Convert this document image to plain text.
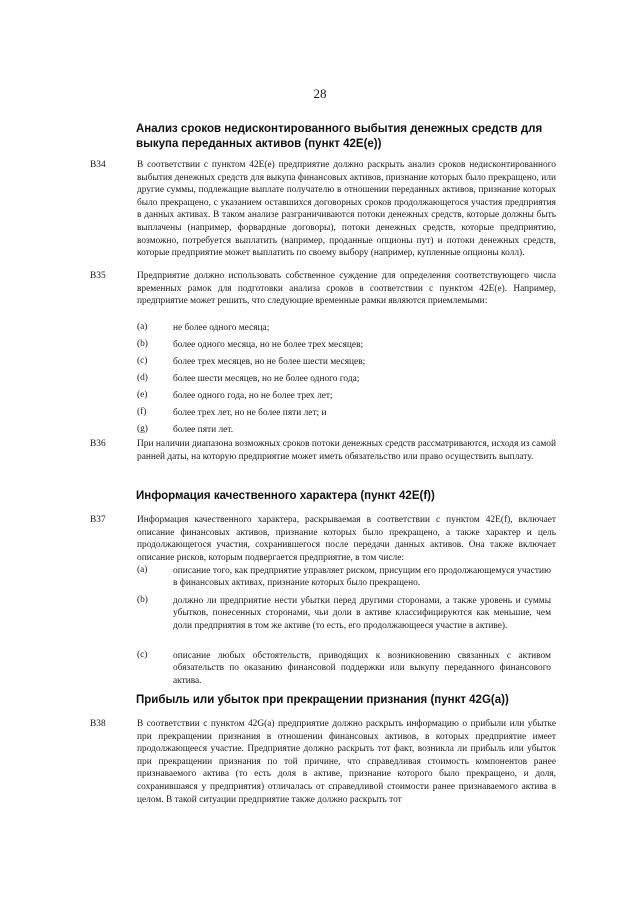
28
Анализ сроков недисконтированного выбытия денежных средств для выкупа переданных активов (пункт 42E(e))
B34	В соответствии с пунктом 42E(e) предприятие должно раскрыть анализ сроков недисконтированного выбытия денежных средств для выкупа финансовых активов, признание которых было прекращено, или другие суммы, подлежащие выплате получателю в отношении переданных активов, признание которых было прекращено, с указанием оставшихся договорных сроков продолжающегося участия предприятия в данных активах. В таком анализе разграничиваются потоки денежных средств, которые должны быть выплачены (например, форвардные договоры), потоки денежных средств, которые предприятию, возможно, потребуется выплатить (например, проданные опционы пут) и потоки денежных средств, которые предприятие может выплатить по своему выбору (например, купленные опционы колл).
B35	Предприятие должно использовать собственное суждение для определения соответствующего числа временных рамок для подготовки анализа сроков в соответствии с пунктом 42E(e). Например, предприятие может решить, что следующие временные рамки являются приемлемыми:
(a)	не более одного месяца;
(b)	более одного месяца, но не более трех месяцев;
(c)	более трех месяцев, но не более шести месяцев;
(d)	более шести месяцев, но не более одного года;
(e)	более одного года, но не более трех лет;
(f)	более трех лет, но не более пяти лет; и
(g)	более пяти лет.
B36	При наличии диапазона возможных сроков потоки денежных средств рассматриваются, исходя из самой ранней даты, на которую предприятие может иметь обязательство или право осуществить выплату.
Информация качественного характера (пункт 42E(f))
B37	Информация качественного характера, раскрываемая в соответствии с пунктом 42E(f), включает описание финансовых активов, признание которых было прекращено, а также характер и цель продолжающегося участия, сохранившегося после передачи данных активов. Она также включает описание рисков, которым подвергается предприятие, в том числе:
(a)	описание того, как предприятие управляет риском, присущим его продолжающемуся участию в финансовых активах, признание которых было прекращено.
(b)	должно ли предприятие нести убытки перед другими сторонами, а также уровень и суммы убытков, понесенных сторонами, чьи доли в активе классифицируются как меньшие, чем доли предприятия в том же активе (то есть, его продолжающееся участие в активе).
(c)	описание любых обстоятельств, приводящих к возникновению связанных с активом обязательств по оказанию финансовой поддержки или выкупу переданного финансового актива.
Прибыль или убыток при прекращении признания (пункт 42G(a))
B38	В соответствии с пунктом 42G(a) предприятие должно раскрыть информацию о прибыли или убытке при прекращении признания в отношении финансовых активов, в которых предприятие имеет продолжающееся участие. Предприятие должно раскрыть тот факт, возникла ли прибыль или убыток при прекращении признания по той причине, что справедливая стоимость компонентов ранее признаваемого актива (то есть доля в активе, признание которого было прекращено, и доля, сохранившаяся у предприятия) отличалась от справедливой стоимости ранее признаваемого актива в целом. В такой ситуации предприятие также должно раскрыть тот
